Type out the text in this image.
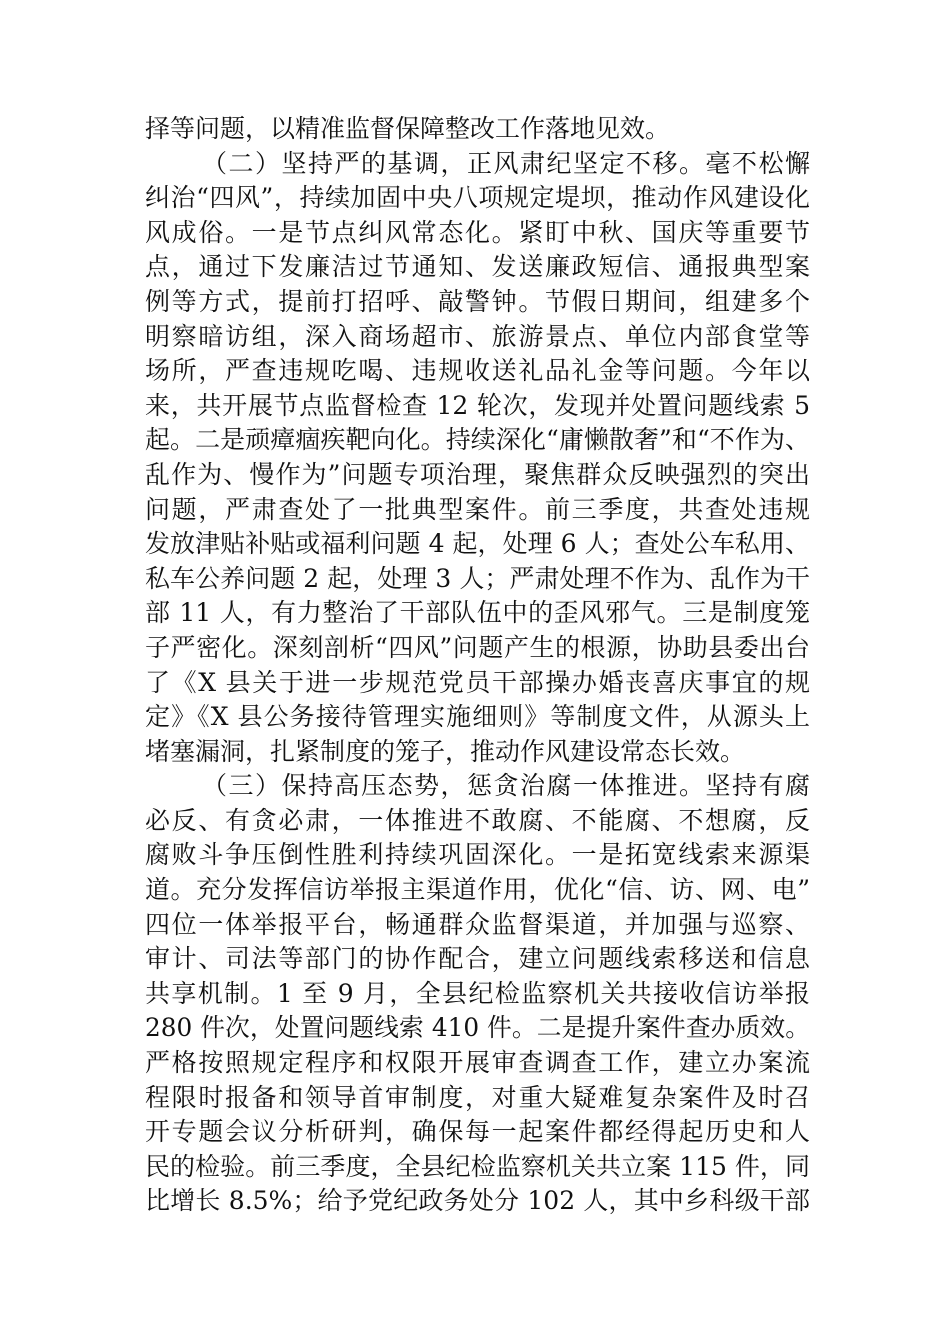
择等问题，以精准监督保障整改工作落地见效。
（二）坚持严的基调，正风肃纪坚定不移。毫不松懈
纠治“四风”，持续加固中央八项规定堤坝，推动作风建设化
风成俗。一是节点纠风常态化。紧盯中秋、国庆等重要节
点，通过下发廉洁过节通知、发送廉政短信、通报典型案
例等方式，提前打招呼、敲警钟。节假日期间，组建多个
明察暗访组，深入商场超市、旅游景点、单位内部食堂等
场所，严查违规吃喝、违规收送礼品礼金等问题。今年以
来，共开展节点监督检查 12 轮次，发现并处置问题线索 5
起。二是顽瘴痼疾靶向化。持续深化“庸懒散奢”和“不作为、
乱作为、慢作为”问题专项治理，聚焦群众反映强烈的突出
问题，严肃查处了一批典型案件。前三季度，共查处违规
发放津贴补贴或福利问题 4 起，处理 6 人；查处公车私用、
私车公养问题 2 起，处理 3 人；严肃处理不作为、乱作为干
部 11 人，有力整治了干部队伍中的歪风邪气。三是制度笼
子严密化。深刻剖析“四风”问题产生的根源，协助县委出台
了《X 县关于进一步规范党员干部操办婚丧喜庆事宜的规
定》《X 县公务接待管理实施细则》等制度文件，从源头上
堵塞漏洞，扎紧制度的笼子，推动作风建设常态长效。
（三）保持高压态势，惩贪治腐一体推进。坚持有腐
必反、有贪必肃，一体推进不敢腐、不能腐、不想腐，反
腐败斗争压倒性胜利持续巩固深化。一是拓宽线索来源渠
道。充分发挥信访举报主渠道作用，优化“信、访、网、电”
四位一体举报平台，畅通群众监督渠道，并加强与巡察、
审计、司法等部门的协作配合，建立问题线索移送和信息
共享机制。1 至 9 月，全县纪检监察机关共接收信访举报
280 件次，处置问题线索 410 件。二是提升案件查办质效。
严格按照规定程序和权限开展审查调查工作，建立办案流
程限时报备和领导首审制度，对重大疑难复杂案件及时召
开专题会议分析研判，确保每一起案件都经得起历史和人
民的检验。前三季度，全县纪检监察机关共立案 115 件，同
比增长 8.5%；给予党纪政务处分 102 人，其中乡科级干部
